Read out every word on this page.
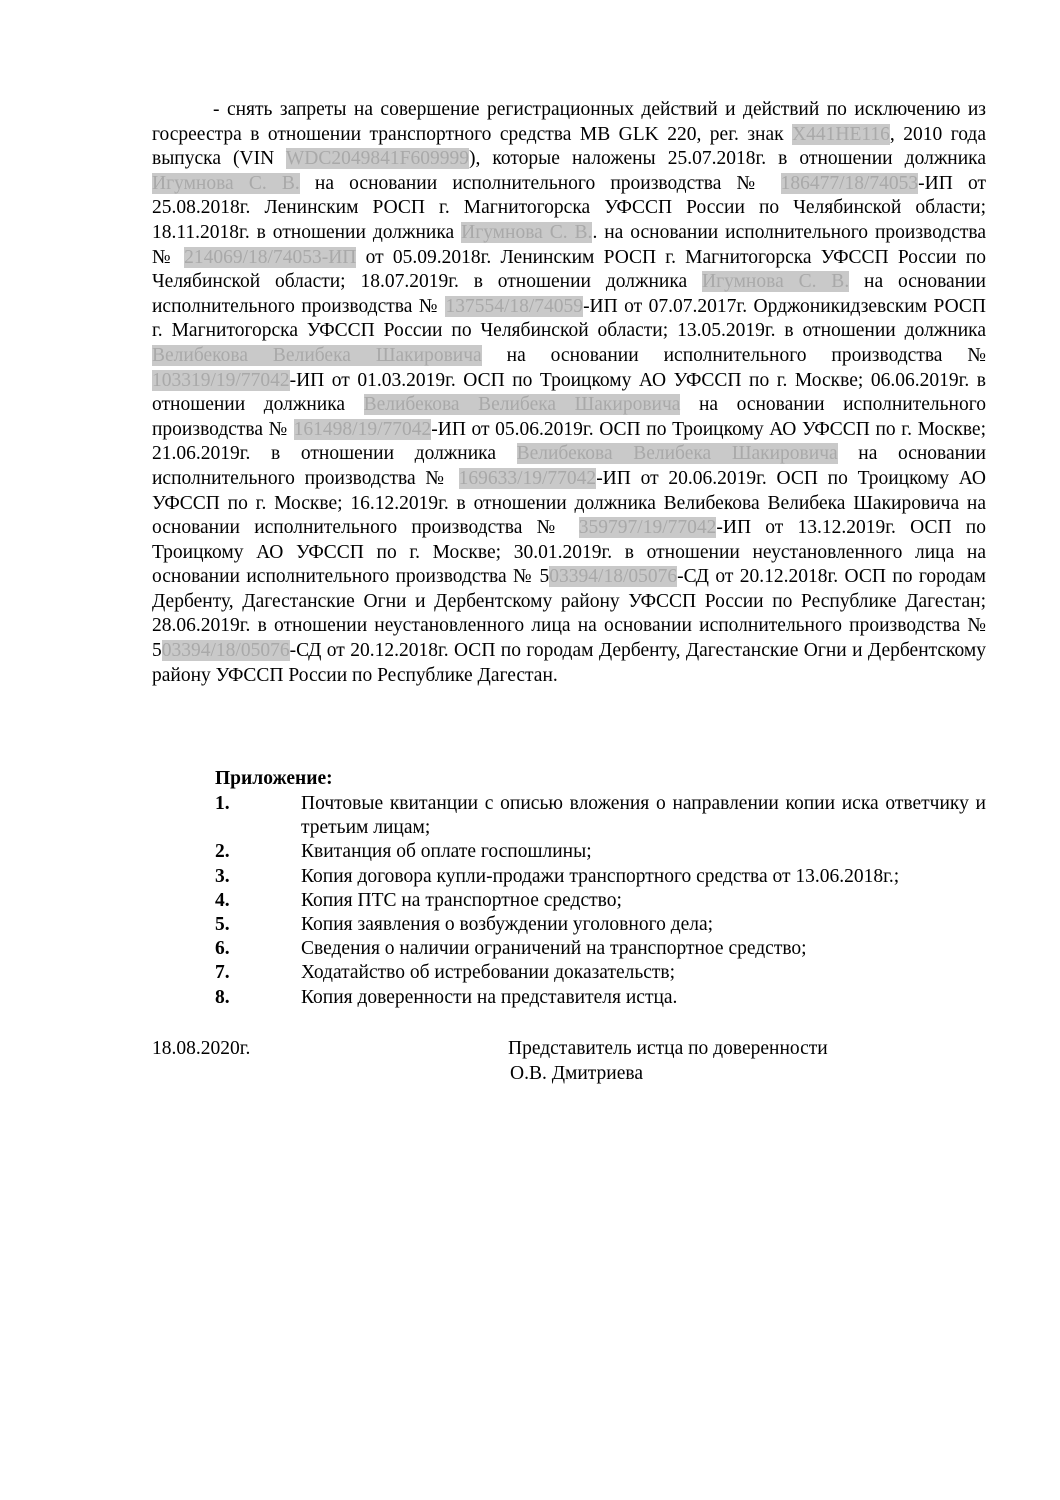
- снять запреты на совершение регистрационных действий и действий по исключению из госреестра в отношении транспортного средства МВ GLK 220, рег. знак Х441НЕ116, 2010 года выпуска (VIN WDC2049841F609999), которые наложены 25.07.2018г. в отношении должника Игумнова С. В. на основании исполнительного производства № 186477/18/74053-ИП от 25.08.2018г. Ленинским РОСП г. Магнитогорска УФССП России по Челябинской области; 18.11.2018г. в отношении должника Игумнова С. В.. на основании исполнительного производства № 214069/18/74053-ИП от 05.09.2018г. Ленинским РОСП г. Магнитогорска УФССП России по Челябинской области; 18.07.2019г. в отношении должника Игумнова С. В. на основании исполнительного производства № 137554/18/74059-ИП от 07.07.2017г. Орджоникидзевским РОСП г. Магнитогорска УФССП России по Челябинской области; 13.05.2019г. в отношении должника Велибекова Велибека Шакировича на основании исполнительного производства № 103319/19/77042-ИП от 01.03.2019г. ОСП по Троицкому АО УФССП по г. Москве; 06.06.2019г. в отношении должника Велибекова Велибека Шакировича на основании исполнительного производства № 161498/19/77042-ИП от 05.06.2019г. ОСП по Троицкому АО УФССП по г. Москве; 21.06.2019г. в отношении должника Велибекова Велибека Шакировича на основании исполнительного производства № 169633/19/77042-ИП от 20.06.2019г. ОСП по Троицкому АО УФССП по г. Москве; 16.12.2019г. в отношении должника Велибекова Велибека Шакировича на основании исполнительного производства № 359797/19/77042-ИП от 13.12.2019г. ОСП по Троицкому АО УФССП по г. Москве; 30.01.2019г. в отношении неустановленного лица на основании исполнительного производства № 503394/18/05076-СД от 20.12.2018г. ОСП по городам Дербенту, Дагестанские Огни и Дербентскому району УФССП России по Республике Дагестан; 28.06.2019г. в отношении неустановленного лица на основании исполнительного производства № 503394/18/05076-СД от 20.12.2018г. ОСП по городам Дербенту, Дагестанские Огни и Дербентскому району УФССП России по Республике Дагестан.

Приложение:

1.	Почтовые квитанции с описью вложения о направлении копии иска ответчику и третьим лицам;
2.	Квитанция об оплате госпошлины;
3.	Копия договора купли-продажи транспортного средства от 13.06.2018г.;
4.	Копия ПТС на транспортное средство;
5.	Копия заявления о возбуждении уголовного дела;
6.	Сведения о наличии ограничений на транспортное средство;
7.	Ходатайство об истребовании доказательств;
8.	Копия доверенности на представителя истца.

18.08.2020г.	Представитель истца по доверенности

О.В. Дмитриева
